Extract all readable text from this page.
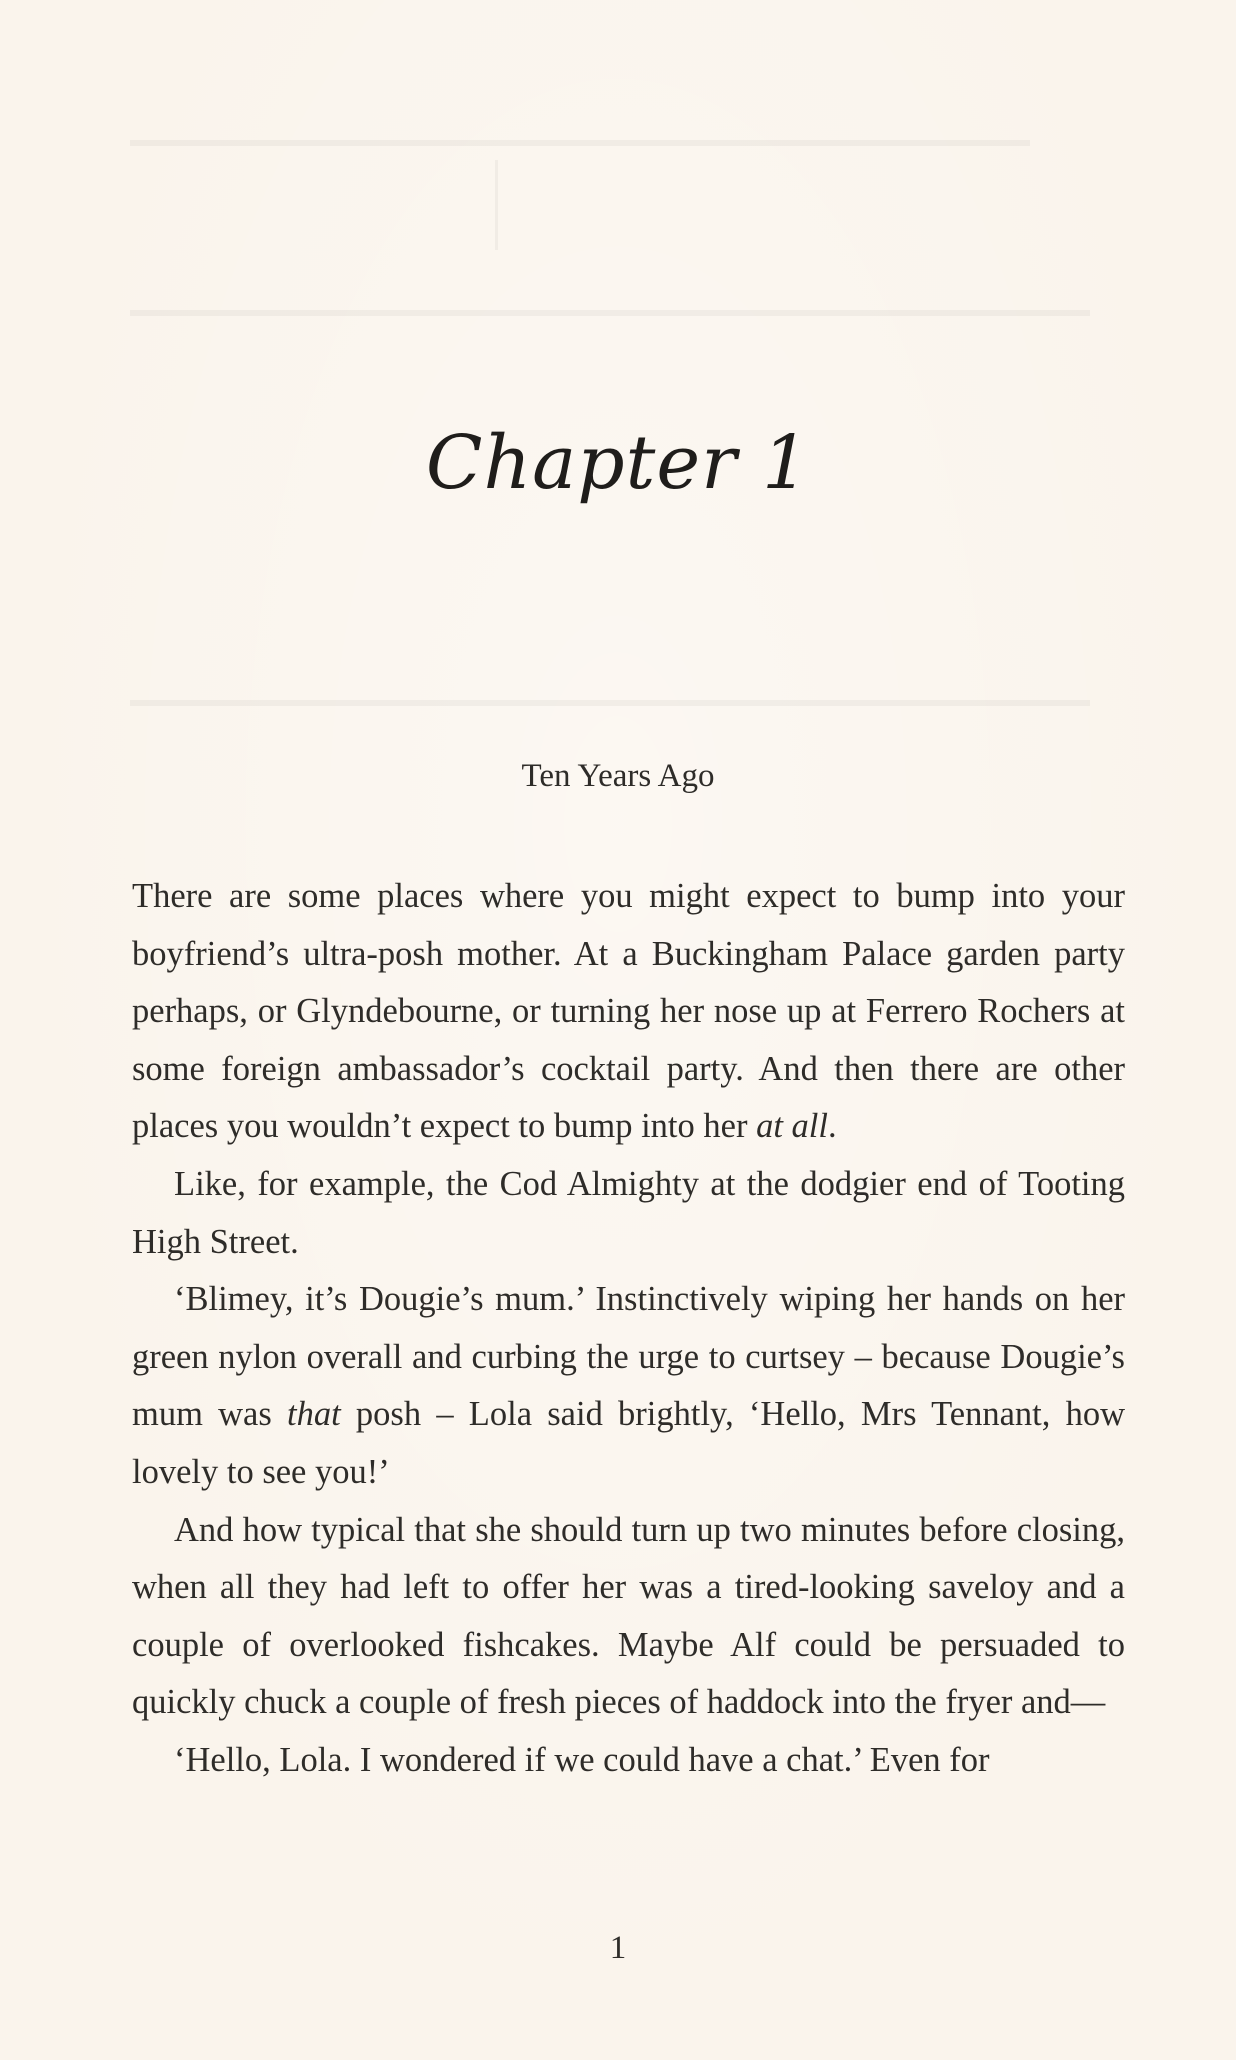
Chapter 1
Ten Years Ago

There are some places where you might expect to bump into your boyfriend’s ultra-posh mother. At a Buckingham Palace garden party perhaps, or Glyndebourne, or turning her nose up at Ferrero Rochers at some foreign ambassador’s cocktail party. And then there are other places you wouldn’t expect to bump into her at all.

Like, for example, the Cod Almighty at the dodgier end of Tooting High Street.

‘Blimey, it’s Dougie’s mum.’ Instinctively wiping her hands on her green nylon overall and curbing the urge to curtsey – because Dougie’s mum was that posh – Lola said brightly, ‘Hello, Mrs Tennant, how lovely to see you!’

And how typical that she should turn up two minutes before closing, when all they had left to offer her was a tired-looking saveloy and a couple of overlooked fishcakes. Maybe Alf could be persuaded to quickly chuck a couple of fresh pieces of haddock into the fryer and—

‘Hello, Lola. I wondered if we could have a chat.’ Even for

1
